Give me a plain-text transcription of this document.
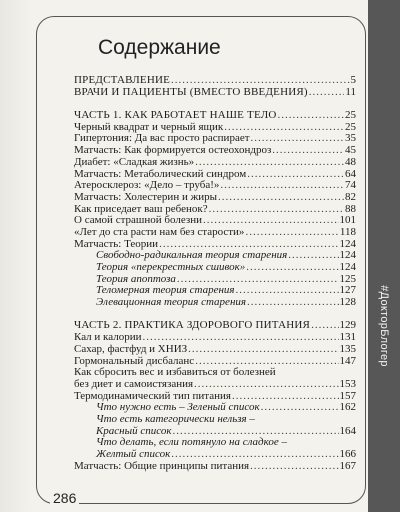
Содержание
ПРЕДСТАВЛЕНИЕ .....	5
ВРАЧИ И ПАЦИЕНТЫ (ВМЕСТО ВВЕДЕНИЯ) .....	11
ЧАСТЬ 1. КАК РАБОТАЕТ НАШЕ ТЕЛО .....	25
Черный квадрат и черный ящик .....	25
Гипертония: Да вас просто распирает .....	35
Матчасть: Как формируется остеохондроз .....	45
Диабет: «Сладкая жизнь» .....	48
Матчасть: Метаболический синдром .....	64
Атеросклероз: «Дело – труба!» .....	74
Матчасть: Холестерин и жиры .....	82
Как приседает ваш ребенок? .....	88
О самой страшной болезни .....	101
«Лет до ста расти нам без старости» .....	118
Матчасть: Теории .....	124
Свободно-радикальная теория старения .....	124
Теория «перекрестных сшивок» .....	124
Теория апоптоза .....	125
Теломерная теория старения .....	127
Элевационная теория старения .....	128
ЧАСТЬ 2. ПРАКТИКА ЗДОРОВОГО ПИТАНИЯ .....	129
Кал и калории .....	131
Сахар, фастфуд и ХНИЗ .....	135
Гормональный дисбаланс .....	147
Как сбросить вес и избавиться от болезней
без диет и самоистязания .....	153
Термодинамический тип питания .....	157
Что нужно есть – Зеленый список .....	162
Что есть категорически нельзя –
Красный список .....	164
Что делать, если потянуло на сладкое –
Желтый список .....	166
Матчасть: Общие принципы питания .....	167
286
#ДокторБлогер
